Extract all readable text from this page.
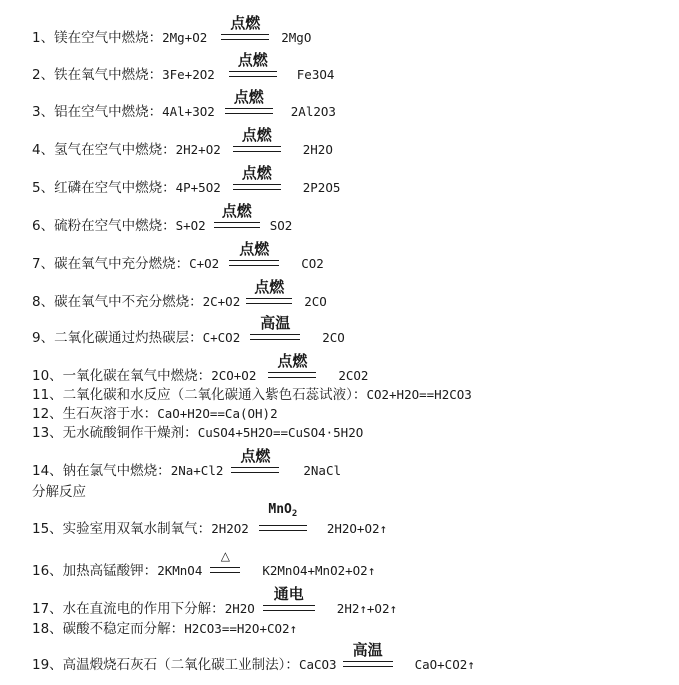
1、镁在空气中燃烧：2Mg+O2
点燃
2MgO
2、铁在氧气中燃烧：3Fe+2O2
点燃
Fe3O4
3、铝在空气中燃烧：4Al+3O2
点燃
2Al2O3
4、氢气在空气中燃烧：2H2+O2
点燃
2H2O
5、红磷在空气中燃烧：4P+5O2
点燃
2P2O5
6、硫粉在空气中燃烧：S+O2
点燃
SO2
7、碳在氧气中充分燃烧：C+O2
点燃
CO2
8、碳在氧气中不充分燃烧：2C+O2
点燃
2CO
9、二氧化碳通过灼热碳层：C+CO2
高温
2CO
10、一氧化碳在氧气中燃烧：2CO+O2
点燃
2CO2
11、二氧化碳和水反应（二氧化碳通入紫色石蕊试液）：CO2+H2O==H2CO3
12、生石灰溶于水：CaO+H2O==Ca(OH)2
13、无水硫酸铜作干燥剂：CuSO4+5H2O==CuSO4·5H2O
14、钠在氯气中燃烧：2Na+Cl2
点燃
2NaCl
分解反应
15、实验室用双氧水制氧气：2H2O2
MnO$_2$
2H2O+O2↑
16、加热高锰酸钾：2KMnO4
△
K2MnO4+MnO2+O2↑
17、水在直流电的作用下分解：2H2O
通电
2H2↑+O2↑
18、碳酸不稳定而分解：H2CO3==H2O+CO2↑
19、高温煅烧石灰石（二氧化碳工业制法）：CaCO3
高温
CaO+CO2↑
